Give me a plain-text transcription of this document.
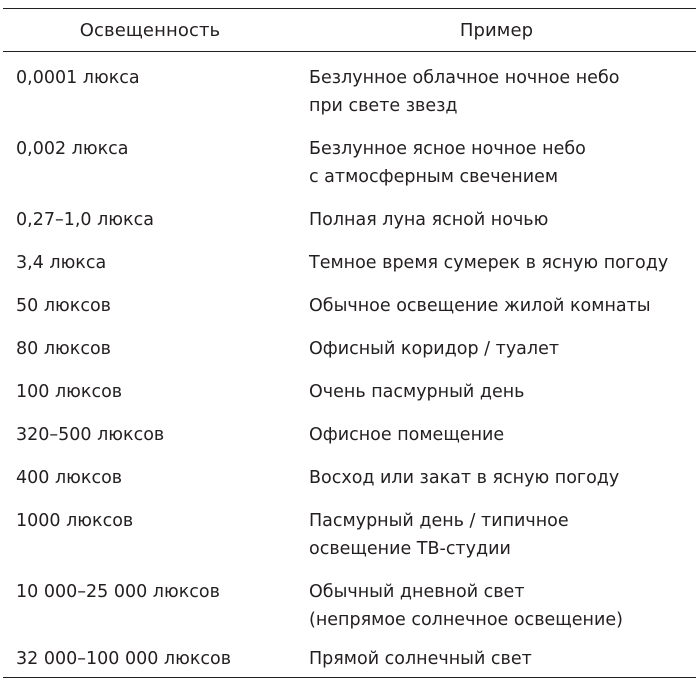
Освещенность	Пример
0,0001 люкса	Безлунное облачное ночное небо
при свете звезд

0,002 люкса	Безлунное ясное ночное небо
с атмосферным свечением

0,27–1,0 люкса	Полная луна ясной ночью

3,4 люкса	Темное время сумерек в ясную погоду

50 люксов	Обычное освещение жилой комнаты

80 люксов	Офисный коридор / туалет

100 люксов	Очень пасмурный день

320–500 люксов	Офисное помещение

400 люксов	Восход или закат в ясную погоду

1000 люксов	Пасмурный день / типичное
освещение ТВ-студии

10 000–25 000 люксов	Обычный дневной свет
(непрямое солнечное освещение)

32 000–100 000 люксов	Прямой солнечный свет
